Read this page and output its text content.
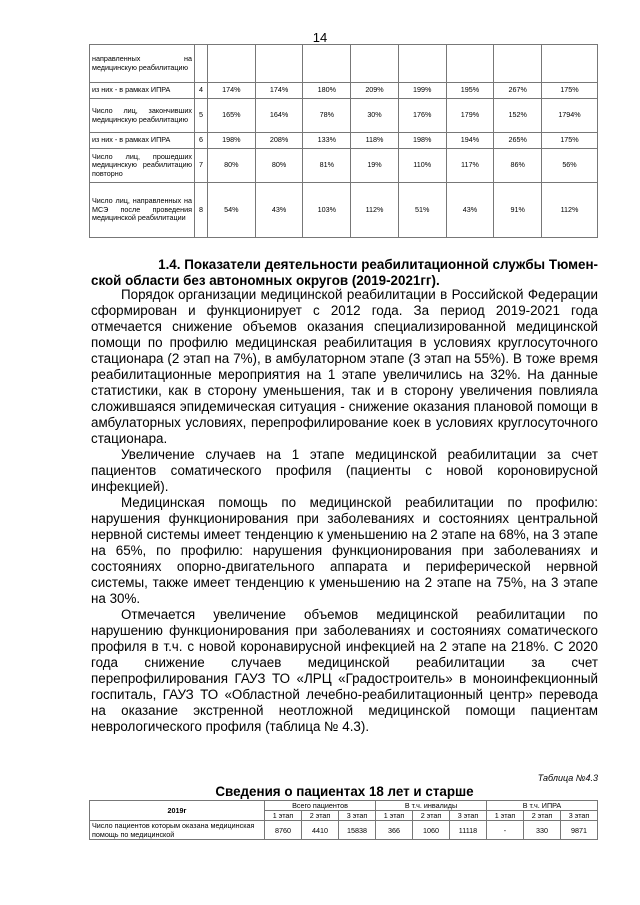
14
направленных на медицинскую реабилитацию									
из них - в рамках ИПРА	4	174%	174%	180%	209%	199%	195%	267%	175%
Число лиц, закончивших медицинскую реабилитацию	5	165%	164%	78%	30%	176%	179%	152%	1794%
из них - в рамках ИПРА	6	198%	208%	133%	118%	198%	194%	265%	175%
Число лиц, прошедших медицинскую реабилитацию повторно	7	80%	80%	81%	19%	110%	117%	86%	56%
Число лиц, направленных на МСЭ после проведения медицинской реабилитации	8	54%	43%	103%	112%	51%	43%	91%	112%
1.4. Показатели деятельности реабилитационной службы Тюмен-
ской области без автономных округов (2019-2021гг).

Порядок организации медицинской реабилитации в Российской Федерации сформирован и функционирует с 2012 года. За период 2019-2021 года отмечается снижение объемов оказания специализированной медицинской помощи по профилю медицинская реабилитация в условиях круглосуточного стационара (2 этап на 7%), в амбулаторном этапе (3 этап на 55%). В тоже время реабилитационные мероприятия на 1 этапе увеличились на 32%. На данные статистики, как в сторону уменьшения, так и в сторону увеличения повлияла сложившаяся эпидемическая ситуация - снижение оказания плановой помощи в амбулаторных условиях, перепрофилирование коек в условиях круглосуточного стационара.

Увеличение случаев на 1 этапе медицинской реабилитации за счет пациентов соматического профиля (пациенты с новой короновирусной инфекцией).

Медицинская помощь по медицинской реабилитации по профилю: нарушения функционирования при заболеваниях и состояниях центральной нервной системы имеет тенденцию к уменьшению на 2 этапе на 68%, на 3 этапе на 65%, по профилю: нарушения функционирования при заболеваниях и состояниях опорно-двигательного аппарата и периферической нервной системы, также имеет тенденцию к уменьшению на 2 этапе на 75%, на 3 этапе на 30%.

Отмечается увеличение объемов медицинской реабилитации по нарушению функционирования при заболеваниях и состояниях соматического профиля в т.ч. с новой коронавирусной инфекцией на 2 этапе на 218%. С 2020 года снижение случаев медицинской реабилитации за счет перепрофилирования ГАУЗ ТО «ЛРЦ «Градостроитель» в моноинфекционный госпиталь, ГАУЗ ТО «Областной лечебно-реабилитационный центр» перевода на оказание экстренной неотложной медицинской помощи пациентам неврологического профиля (таблица № 4.3).

Таблица №4.3
Сведения о пациентах 18 лет и старше
2019г	Всего пациентов			В т.ч. инвалиды			В т.ч. ИПРА		
	1 этап	2 этап	3 этап	1 этап	2 этап	3 этап	1 этап	2 этап	3 этап
Число пациентов которым оказана медицинская помощь по медицинской	8760	4410	15838	366	1060	11118	-	330	9871
